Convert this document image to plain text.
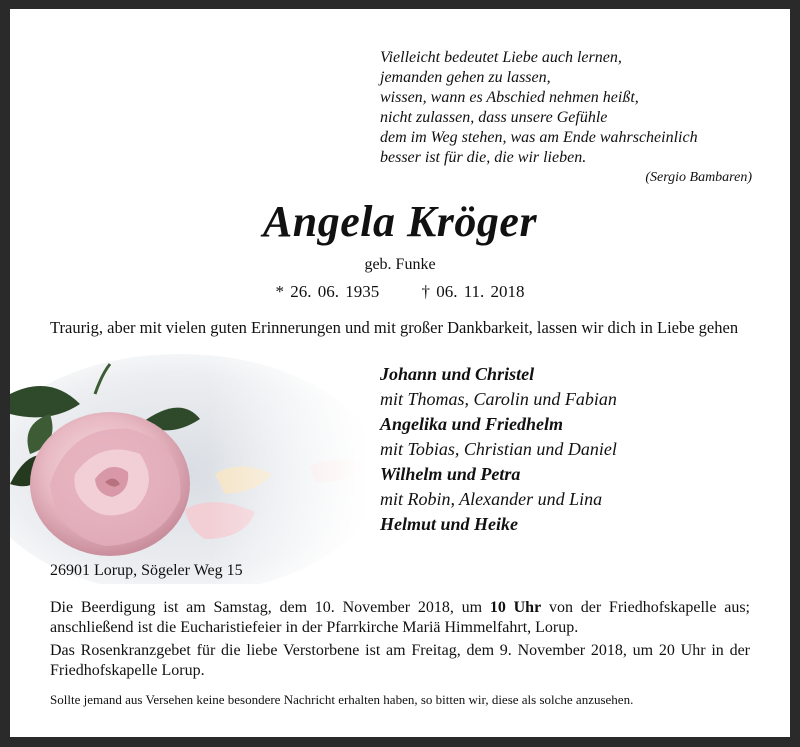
Vielleicht bedeutet Liebe auch lernen,
jemanden gehen zu lassen,
wissen, wann es Abschied nehmen heißt,
nicht zulassen, dass unsere Gefühle
dem im Weg stehen, was am Ende wahrscheinlich
besser ist für die, die wir lieben.
(Sergio Bambaren)
Angela Kröger
geb. Funke
* 26. 06. 1935 † 06. 11. 2018
Traurig, aber mit vielen guten Erinnerungen und mit großer Dankbarkeit, lassen wir dich in Liebe gehen
Johann und Christel
mit Thomas, Carolin und Fabian
Angelika und Friedhelm
mit Tobias, Christian und Daniel
Wilhelm und Petra
mit Robin, Alexander und Lina
Helmut und Heike
26901 Lorup, Sögeler Weg 15

Die Beerdigung ist am Samstag, dem 10. November 2018, um 10 Uhr von der Friedhofskapelle aus; anschließend ist die Eucharistiefeier in der Pfarrkirche Mariä Himmelfahrt, Lorup.

Das Rosenkranzgebet für die liebe Verstorbene ist am Freitag, dem 9. November 2018, um 20 Uhr in der Friedhofskapelle Lorup.

Sollte jemand aus Versehen keine besondere Nachricht erhalten haben, so bitten wir, diese als solche anzusehen.
